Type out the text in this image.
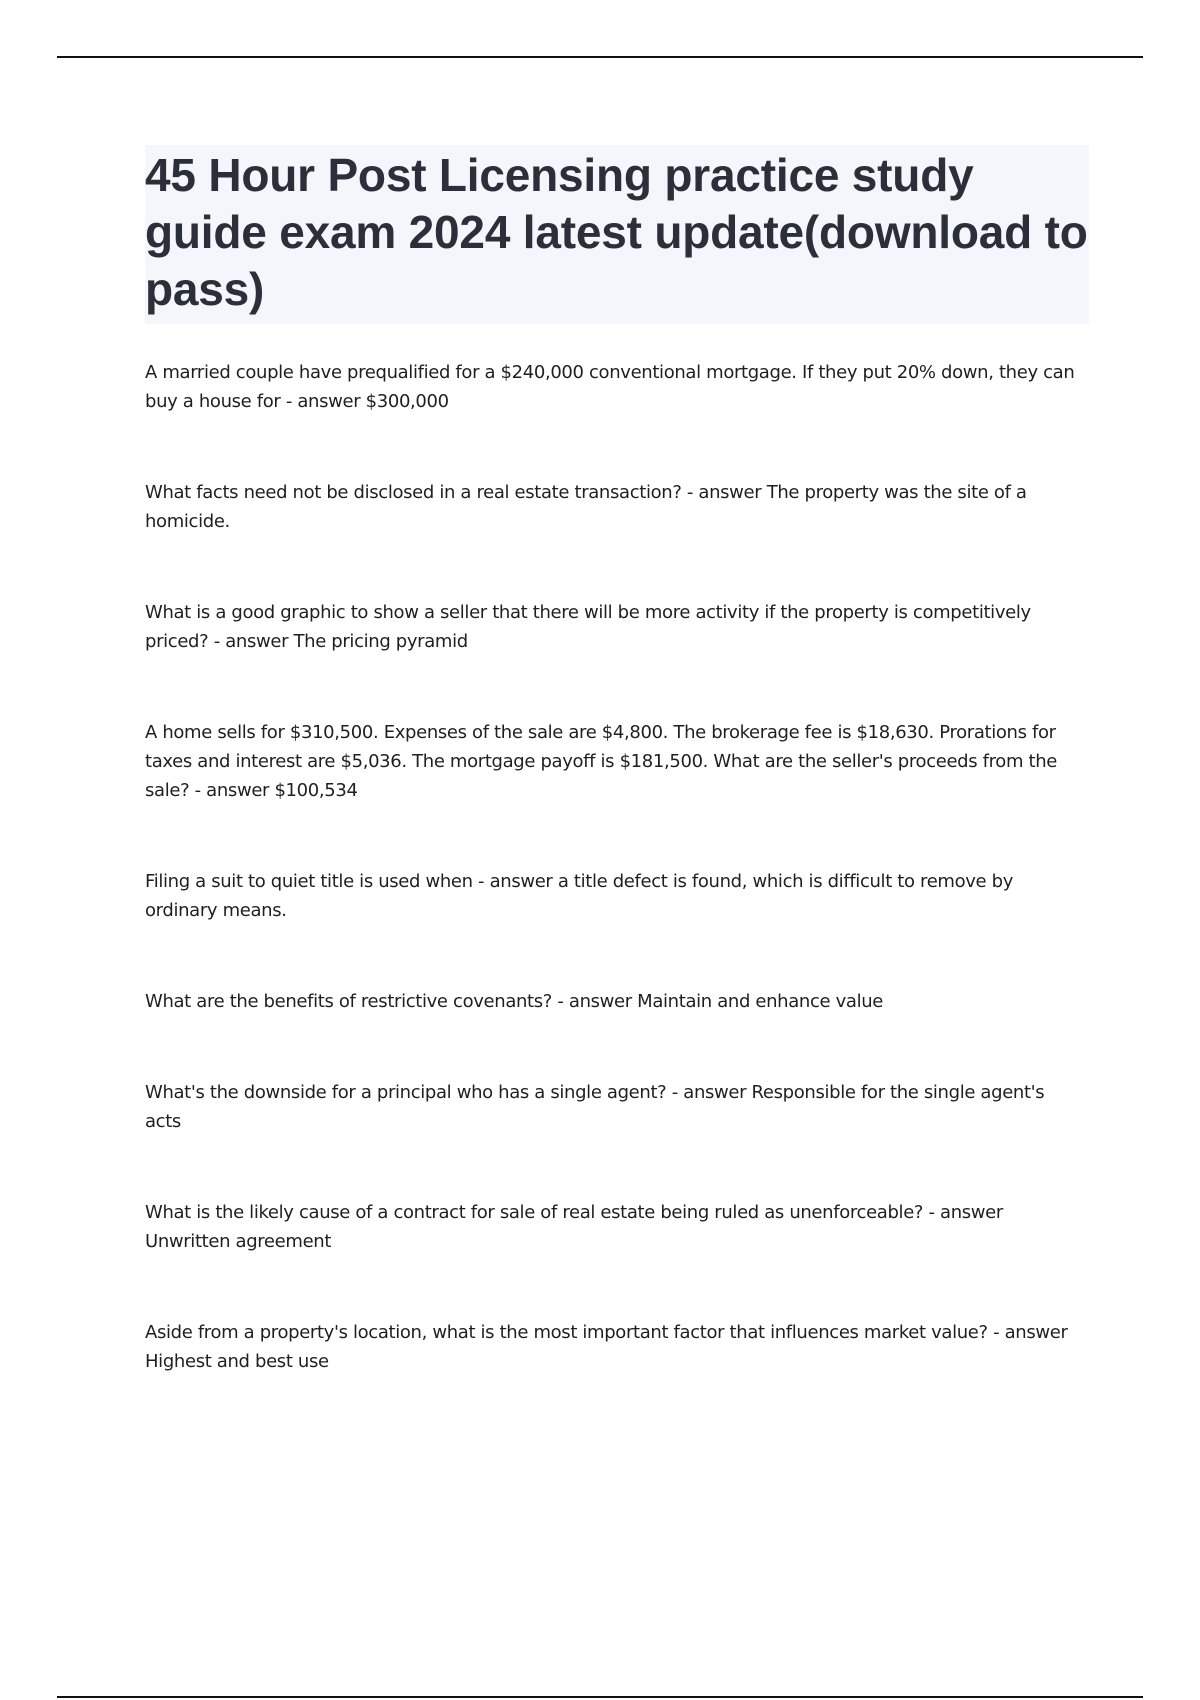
45 Hour Post Licensing practice study guide exam 2024 latest update(download to pass)
A married couple have prequalified for a $240,000 conventional mortgage. If they put 20% down, they can buy a house for - answer $300,000
What facts need not be disclosed in a real estate transaction? - answer The property was the site of a homicide.
What is a good graphic to show a seller that there will be more activity if the property is competitively priced? - answer The pricing pyramid
A home sells for $310,500. Expenses of the sale are $4,800. The brokerage fee is $18,630. Prorations for taxes and interest are $5,036. The mortgage payoff is $181,500. What are the seller's proceeds from the sale? - answer $100,534
Filing a suit to quiet title is used when - answer a title defect is found, which is difficult to remove by ordinary means.
What are the benefits of restrictive covenants? - answer Maintain and enhance value
What's the downside for a principal who has a single agent? - answer Responsible for the single agent's acts
What is the likely cause of a contract for sale of real estate being ruled as unenforceable? - answer Unwritten agreement
Aside from a property's location, what is the most important factor that influences market value? - answer Highest and best use
